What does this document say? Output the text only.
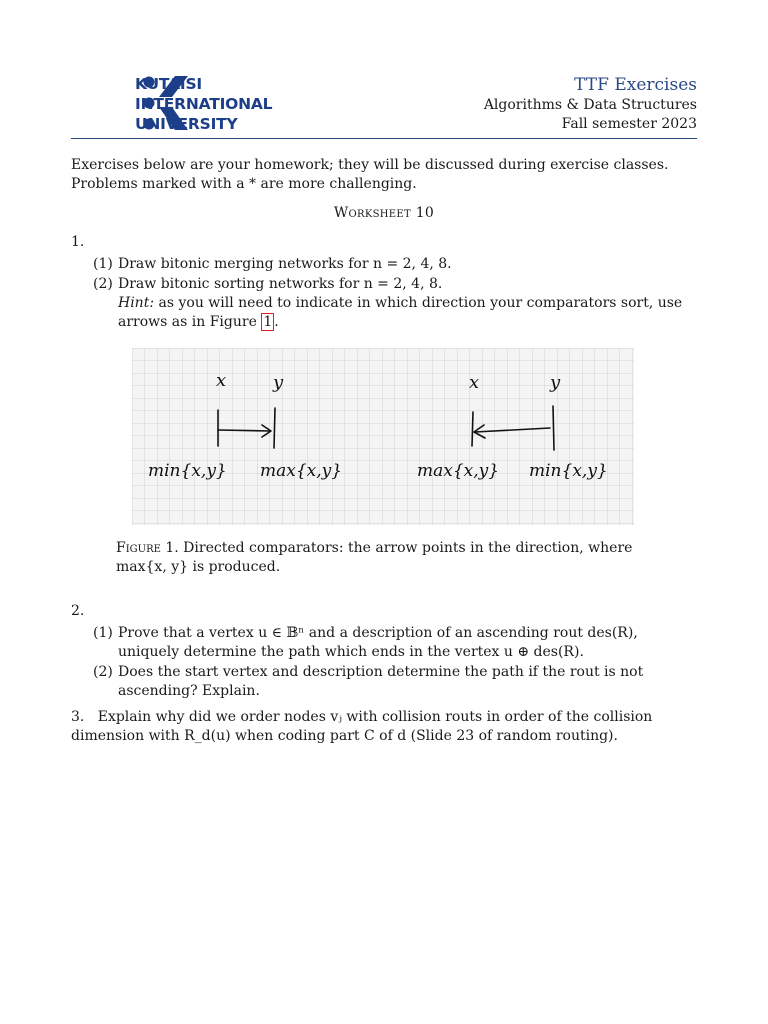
KUTAISI
INTERNATIONAL
UNIVERSITY
TTF Exercises
Algorithms & Data Structures
Fall semester 2023
Exercises below are your homework; they will be discussed during exercise classes. Problems marked with a * are more challenging.
Worksheet 10
1.
(1) Draw bitonic merging networks for n = 2, 4, 8.
(2) Draw bitonic sorting networks for n = 2, 4, 8.
Hint: as you will need to indicate in which direction your comparators sort, use arrows as in Figure 1 .
x	y	x	y
min{x,y} max{x,y}	max{x,y} min{x,y}
Figure 1. Directed comparators: the arrow points in the direction, where max{x, y} is produced.
2.
(1) Prove that a vertex u ∈ 𝔹ⁿ and a description of an ascending rout des(R), uniquely determine the path which ends in the vertex u ⊕ des(R).
(2) Does the start vertex and description determine the path if the rout is not ascending? Explain.
3. Explain why did we order nodes vⱼ with collision routs in order of the collision dimension with R_d(u) when coding part C of d (Slide 23 of random routing).
